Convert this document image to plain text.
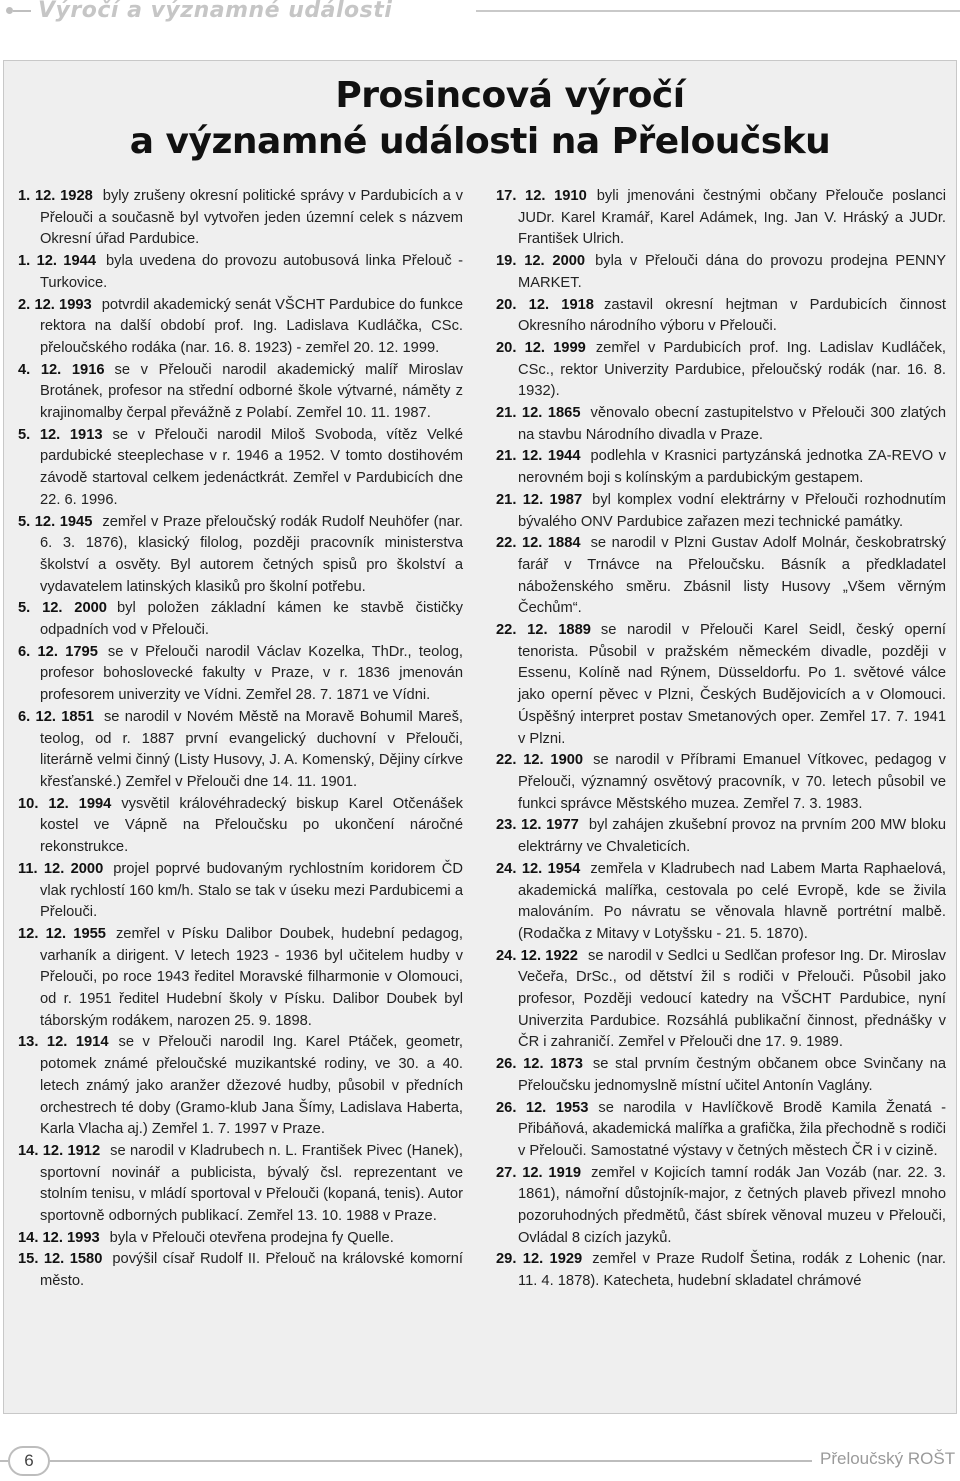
Výročí a významné události
Prosincová výročí
a významné události na Přeloučsku

1. 12. 1928 byly zrušeny okresní politické správy v Pardubicích a v Přelouči a současně byl vytvořen jeden územní celek s názvem Okresní úřad Pardubice.

1. 12. 1944 byla uvedena do provozu autobusová linka Přelouč - Turkovice.

2. 12. 1993 potvrdil akademický senát VŠCHT Pardubice do funkce rektora na další období prof. Ing. Ladislava Kudláčka, CSc. přeloučského rodáka (nar. 16. 8. 1923) - zemřel 20. 12. 1999.

4. 12. 1916 se v Přelouči narodil akademický malíř Miroslav Brotánek, profesor na střední odborné škole výtvarné, náměty z krajinomalby čerpal převážně z Polabí. Zemřel 10. 11. 1987.

5. 12. 1913 se v Přelouči narodil Miloš Svoboda, vítěz Velké pardubické steeplechase v r. 1946 a 1952. V tomto dostihovém závodě startoval celkem jedenáctkrát. Zemřel v Pardubicích dne 22. 6. 1996.

5. 12. 1945 zemřel v Praze přeloučský rodák Rudolf Neuhöfer (nar. 6. 3. 1876), klasický filolog, později pracovník ministerstva školství a osvěty. Byl autorem četných spisů pro školství a vydavatelem latinských klasiků pro školní potřebu.

5. 12. 2000 byl položen základní kámen ke stavbě čističky odpadních vod v Přelouči.

6. 12. 1795 se v Přelouči narodil Václav Kozelka, ThDr., teolog, profesor bohoslovecké fakulty v Praze, v r. 1836 jmenován profesorem univerzity ve Vídni. Zemřel 28. 7. 1871 ve Vídni.

6. 12. 1851 se narodil v Novém Městě na Moravě Bohumil Mareš, teolog, od r. 1887 první evangelický duchovní v Přelouči, literárně velmi činný (Listy Husovy, J. A. Komenský, Dějiny církve křesťanské.) Zemřel v Přelouči dne 14. 11. 1901.

10. 12. 1994 vysvětil královéhradecký biskup Karel Otčenášek kostel ve Vápně na Přeloučsku po ukončení náročné rekonstrukce.

11. 12. 2000 projel poprvé budovaným rychlostním koridorem ČD vlak rychlostí 160 km/h. Stalo se tak v úseku mezi Pardubicemi a Přelouči.

12. 12. 1955 zemřel v Písku Dalibor Doubek, hudební pedagog, varhaník a dirigent. V letech 1923 - 1936 byl učitelem hudby v Přelouči, po roce 1943 ředitel Moravské filharmonie v Olomouci, od r. 1951 ředitel Hudební školy v Písku. Dalibor Doubek byl táborským rodákem, narozen 25. 9. 1898.

13. 12. 1914 se v Přelouči narodil Ing. Karel Ptáček, geometr, potomek známé přeloučské muzikantské rodiny, ve 30. a 40. letech známý jako aranžer džezové hudby, působil v předních orchestrech té doby (Gramo-klub Jana Šímy, Ladislava Haberta, Karla Vlacha aj.) Zemřel 1. 7. 1997 v Praze.

14. 12. 1912 se narodil v Kladrubech n. L. František Pivec (Hanek), sportovní novinář a publicista, bývalý čsl. reprezentant ve stolním tenisu, v mládí sportoval v Přelouči (kopaná, tenis). Autor sportovně odborných publikací. Zemřel 13. 10. 1988 v Praze.

14. 12. 1993 byla v Přelouči otevřena prodejna fy Quelle.

15. 12. 1580 povýšil císař Rudolf II. Přelouč na královské komorní město.

17. 12. 1910 byli jmenováni čestnými občany Přelouče poslanci JUDr. Karel Kramář, Karel Adámek, Ing. Jan V. Hráský a JUDr. František Ulrich.

19. 12. 2000 byla v Přelouči dána do provozu prodejna PENNY MARKET.

20. 12. 1918 zastavil okresní hejtman v Pardubicích činnost Okresního národního výboru v Přelouči.

20. 12. 1999 zemřel v Pardubicích prof. Ing. Ladislav Kudláček, CSc., rektor Univerzity Pardubice, přeloučský rodák (nar. 16. 8. 1932).

21. 12. 1865 věnovalo obecní zastupitelstvo v Přelouči 300 zlatých na stavbu Národního divadla v Praze.

21. 12. 1944 podlehla v Krasnici partyzánská jednotka ZA-REVO v nerovném boji s kolínským a pardubickým gestapem.

21. 12. 1987 byl komplex vodní elektrárny v Přelouči rozhodnutím bývalého ONV Pardubice zařazen mezi technické památky.

22. 12. 1884 se narodil v Plzni Gustav Adolf Molnár, českobratrský farář v Trnávce na Přeloučsku. Básník a předkladatel náboženského směru. Zbásnil listy Husovy „Všem věrným Čechům“.

22. 12. 1889 se narodil v Přelouči Karel Seidl, český operní tenorista. Působil v pražském německém divadle, později v Essenu, Kolíně nad Rýnem, Düsseldorfu. Po 1. světové válce jako operní pěvec v Plzni, Českých Budějovicích a v Olomouci. Úspěšný interpret postav Smetanových oper. Zemřel 17. 7. 1941 v Plzni.

22. 12. 1900 se narodil v Příbrami Emanuel Vítkovec, pedagog v Přelouči, významný osvětový pracovník, v 70. letech působil ve funkci správce Městského muzea. Zemřel 7. 3. 1983.

23. 12. 1977 byl zahájen zkušební provoz na prvním 200 MW bloku elektrárny ve Chvaleticích.

24. 12. 1954 zemřela v Kladrubech nad Labem Marta Raphaelová, akademická malířka, cestovala po celé Evropě, kde se živila malováním. Po návratu se věnovala hlavně portrétní malbě. (Rodačka z Mitavy v Lotyšsku - 21. 5. 1870).

24. 12. 1922 se narodil v Sedlci u Sedlčan profesor Ing. Dr. Miroslav Večeřa, DrSc., od dětství žil s rodiči v Přelouči. Působil jako profesor, Později vedoucí katedry na VŠCHT Pardubice, nyní Univerzita Pardubice. Rozsáhlá publikační činnost, přednášky v ČR i zahraničí. Zemřel v Přelouči dne 17. 9. 1989.

26. 12. 1873 se stal prvním čestným občanem obce Svinčany na Přeloučsku jednomyslně místní učitel Antonín Vaglány.

26. 12. 1953 se narodila v Havlíčkově Brodě Kamila Ženatá - Přibáňová, akademická malířka a grafička, žila přechodně s rodiči v Přelouči. Samostatné výstavy v četných městech ČR i v cizině.

27. 12. 1919 zemřel v Kojicích tamní rodák Jan Vozáb (nar. 22. 3. 1861), námořní důstojník-major, z četných plaveb přivezl mnoho pozoruhodných předmětů, část sbírek věnoval muzeu v Přelouči, Ovládal 8 cizích jazyků.

29. 12. 1929 zemřel v Praze Rudolf Šetina, rodák z Lohenic (nar. 11. 4. 1878). Katecheta, hudební skladatel chrámové

6	Přeloučský ROŠT
